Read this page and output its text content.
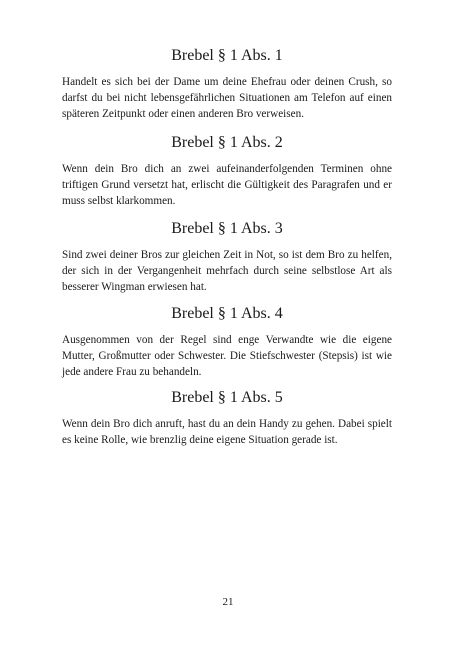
Brebel § 1 Abs. 1

Handelt es sich bei der Dame um deine Ehefrau oder deinen Crush, so darfst du bei nicht lebensgefährlichen Situationen am Telefon auf einen späteren Zeitpunkt oder einen anderen Bro verweisen.

Brebel § 1 Abs. 2

Wenn dein Bro dich an zwei aufeinanderfolgenden Terminen ohne triftigen Grund versetzt hat, erlischt die Gültigkeit des Paragrafen und er muss selbst klarkommen.

Brebel § 1 Abs. 3

Sind zwei deiner Bros zur gleichen Zeit in Not, so ist dem Bro zu helfen, der sich in der Vergangenheit mehrfach durch seine selbstlose Art als besserer Wingman erwiesen hat.

Brebel § 1 Abs. 4

Ausgenommen von der Regel sind enge Verwandte wie die eigene Mutter, Großmutter oder Schwester. Die Stiefschwester (Stepsis) ist wie jede andere Frau zu behandeln.

Brebel § 1 Abs. 5

Wenn dein Bro dich anruft, hast du an dein Handy zu gehen. Dabei spielt es keine Rolle, wie brenzlig deine eigene Situation gerade ist.

21
